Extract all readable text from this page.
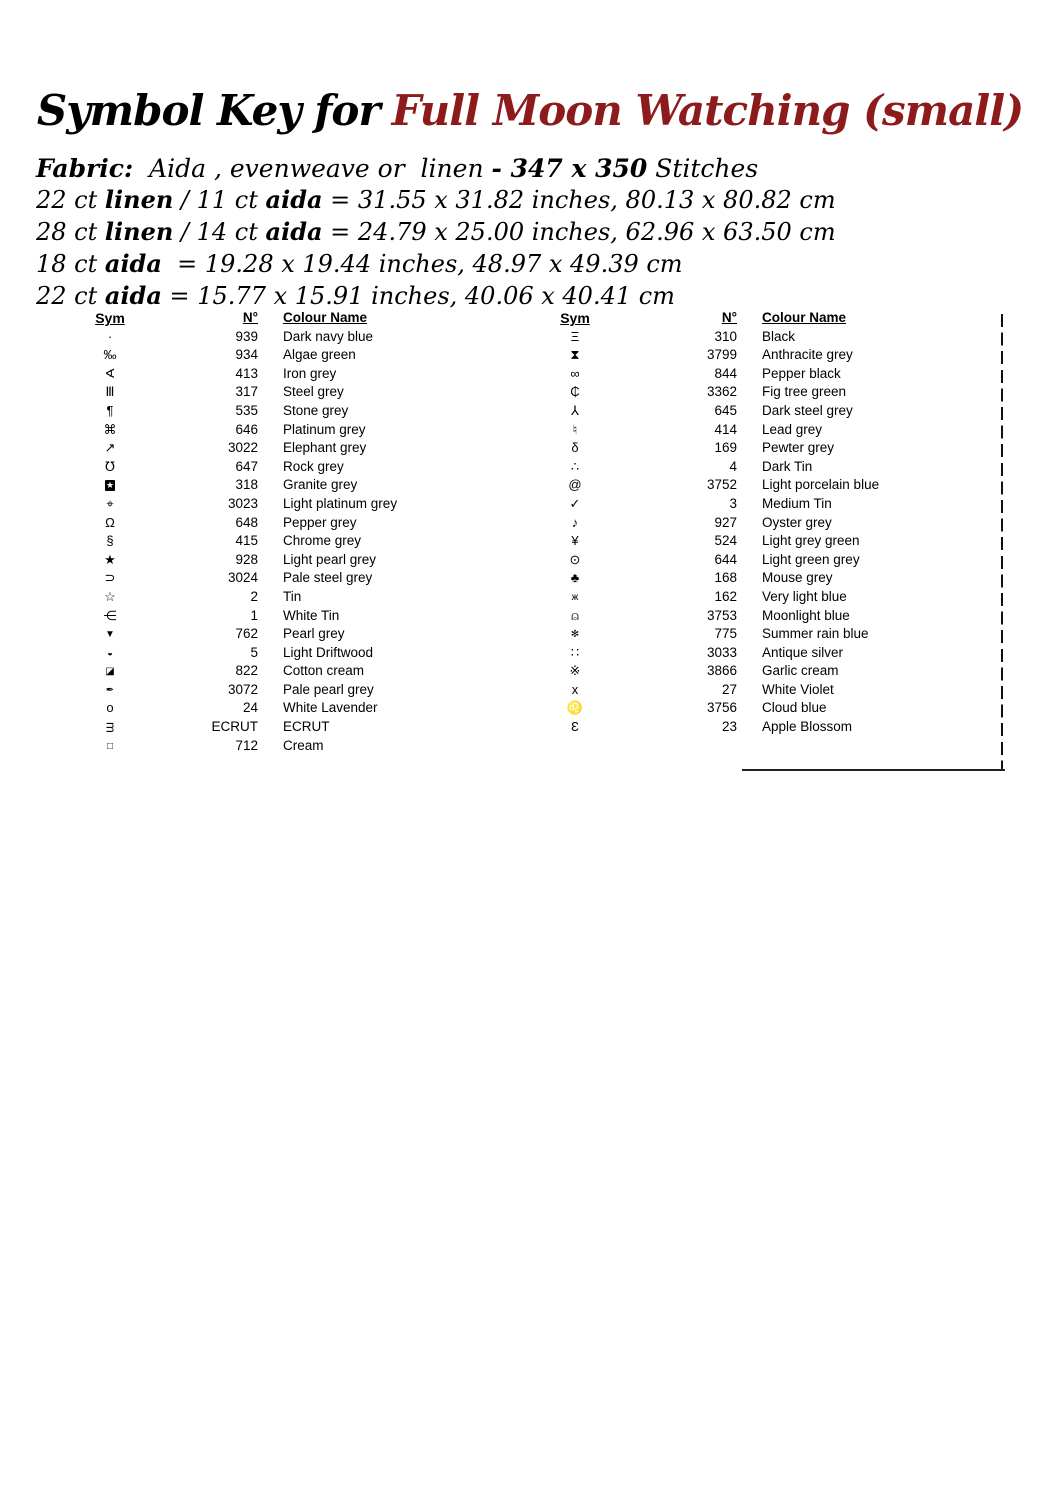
Symbol Key for Full Moon Watching (small)
Fabric:  Aida , evenweave or  linen - 347 x 350 Stitches
22 ct linen / 11 ct aida = 31.55 x 31.82 inches, 80.13 x 80.82 cm
28 ct linen / 14 ct aida = 24.79 x 25.00 inches, 62.96 x 63.50 cm
18 ct aida  = 19.28 x 19.44 inches, 48.97 x 49.39 cm
22 ct aida = 15.77 x 15.91 inches, 40.06 x 40.41 cm
Sym	N°	Colour Name
·	939	Dark navy blue
‰	934	Algae green
∢	413	Iron grey
Ⅲ	317	Steel grey
¶	535	Stone grey
⌘	646	Platinum grey
↗	3022	Elephant grey
℧	647	Rock grey
★	318	Granite grey
⌖	3023	Light platinum grey
Ω	648	Pepper grey
§	415	Chrome grey
★	928	Light pearl grey
⊃	3024	Pale steel grey
☆	2	Tin
⋲	1	White Tin
▼	762	Pearl grey
◒	5	Light Driftwood
◪	822	Cotton cream
✒	3072	Pale pearl grey
o	24	White Lavender
ᴟ	ECRUT	ECRUT
□	712	Cream
Sym	N°	Colour Name
Ξ	310	Black
⧗	3799	Anthracite grey
∞	844	Pepper black
₵	3362	Fig tree green
⅄	645	Dark steel grey
♮	414	Lead grey
δ	169	Pewter grey
∴	4	Dark Tin
@	3752	Light porcelain blue
✓	3	Medium Tin
♪	927	Oyster grey
¥	524	Light grey green
⊙	644	Light green grey
♣	168	Mouse grey
ж	162	Very light blue
⍝	3753	Moonlight blue
✻	775	Summer rain blue
∷	3033	Antique silver
※	3866	Garlic cream
x	27	White Violet
♌	3756	Cloud blue
Ɛ	23	Apple Blossom
